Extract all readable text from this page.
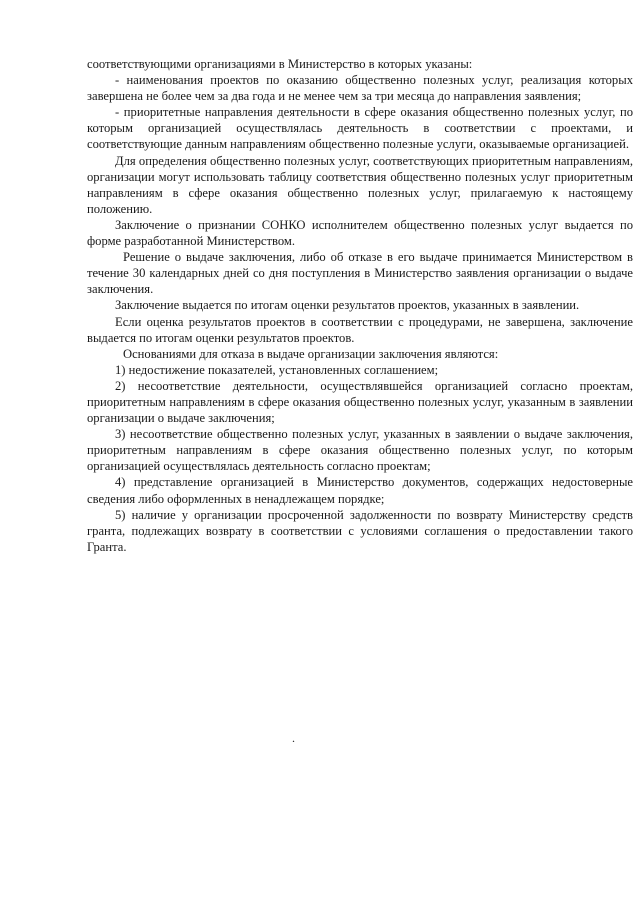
соответствующими организациями в Министерство в которых указаны:

- наименования проектов по оказанию общественно полезных услуг, реализация которых завершена не более чем за два года и не менее чем за три месяца до направления заявления;

- приоритетные направления деятельности в сфере оказания общественно полезных услуг, по которым организацией осуществлялась деятельность в соответствии с проектами, и соответствующие данным направлениям общественно полезные услуги, оказываемые организацией.

Для определения общественно полезных услуг, соответствующих приоритетным направлениям, организации могут использовать таблицу соответствия общественно полезных услуг приоритетным направлениям в сфере оказания общественно полезных услуг, прилагаемую к настоящему положению.

Заключение о признании СОНКО исполнителем общественно полезных услуг выдается по форме разработанной Министерством.

Решение о выдаче заключения, либо об отказе в его выдаче принимается Министерством в течение 30 календарных дней со дня поступления в Министерство заявления организации о выдаче заключения.

Заключение выдается по итогам оценки результатов проектов, указанных в заявлении.

Если оценка результатов проектов в соответствии с процедурами, не завершена, заключение выдается по итогам оценки результатов проектов.

Основаниями для отказа в выдаче организации заключения являются:

1) недостижение показателей, установленных соглашением;

2) несоответствие деятельности, осуществлявшейся организацией согласно проектам, приоритетным направлениям в сфере оказания общественно полезных услуг, указанным в заявлении организации о выдаче заключения;

3) несоответствие общественно полезных услуг, указанных в заявлении о выдаче заключения, приоритетным направлениям в сфере оказания общественно полезных услуг, по которым организацией осуществлялась деятельность согласно проектам;

4) представление организацией в Министерство документов, содержащих недостоверные сведения либо оформленных в ненадлежащем порядке;

5) наличие у организации просроченной задолженности по возврату Министерству средств гранта, подлежащих возврату в соответствии с условиями соглашения о предоставлении такого Гранта.

.
